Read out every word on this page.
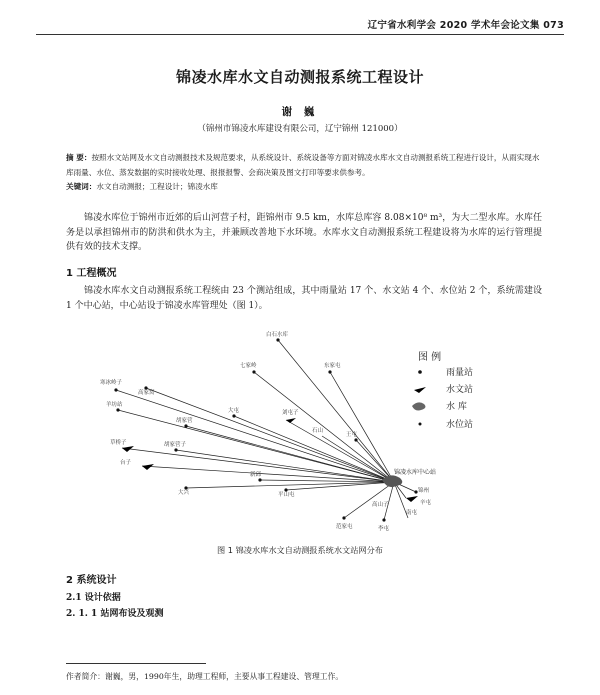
辽宁省水利学会 2020 学术年会论文集 073
锦凌水库水文自动测报系统工程设计
谢 巍
（锦州市锦凌水库建设有限公司，辽宁锦州 121000）
摘 要：按照水文站网及水文自动测报技术及规范要求，从系统设计、系统设备等方面对锦凌水库水文自动测报系统工程进行设计，从雨实现水库雨量、水位、蒸发数据的实时接收处理、报报报警、会商决策及图文打印等要求供参考。
关键词：水文自动测报；工程设计；锦凌水库
锦凌水库位于锦州市近郊的后山河营子村，距锦州市 9.5 km，水库总库容 8.08×10⁸ m³，为大二型水库。水库任务是以承担锦州市的防洪和供水为主，并兼顾改善地下水环境。水库水文自动测报系统工程建设将为水库的运行管理提供有效的技术支撑。
1 工程概况
锦凌水库水文自动测报系统工程统由 23 个测站组成，其中雨量站 17 个、水文站 4 个、水位站 2 个，系统需建设 1 个中心站，中心站设于锦凌水库管理处（图 1）。
白石水库
七家岭	东家屯
寒冰岭子
高家窝
大屯
羊坊站
刘屯子
胡家营
草桥子
台子
胡家营子
新邱
大兴	平山屯
石山
王屯
锦州
辛屯
李屯
南屯
范家屯
高山子
锦凌水库中心站
图 例
雨量站
水文站
水 库
水位站
图 1 锦凌水库水文自动测报系统水文站网分布
2 系统设计
2.1 设计依据
2. 1. 1 站网布设及观测
作者简介：谢巍，男，1990年生，助理工程师，主要从事工程建设、管理工作。
